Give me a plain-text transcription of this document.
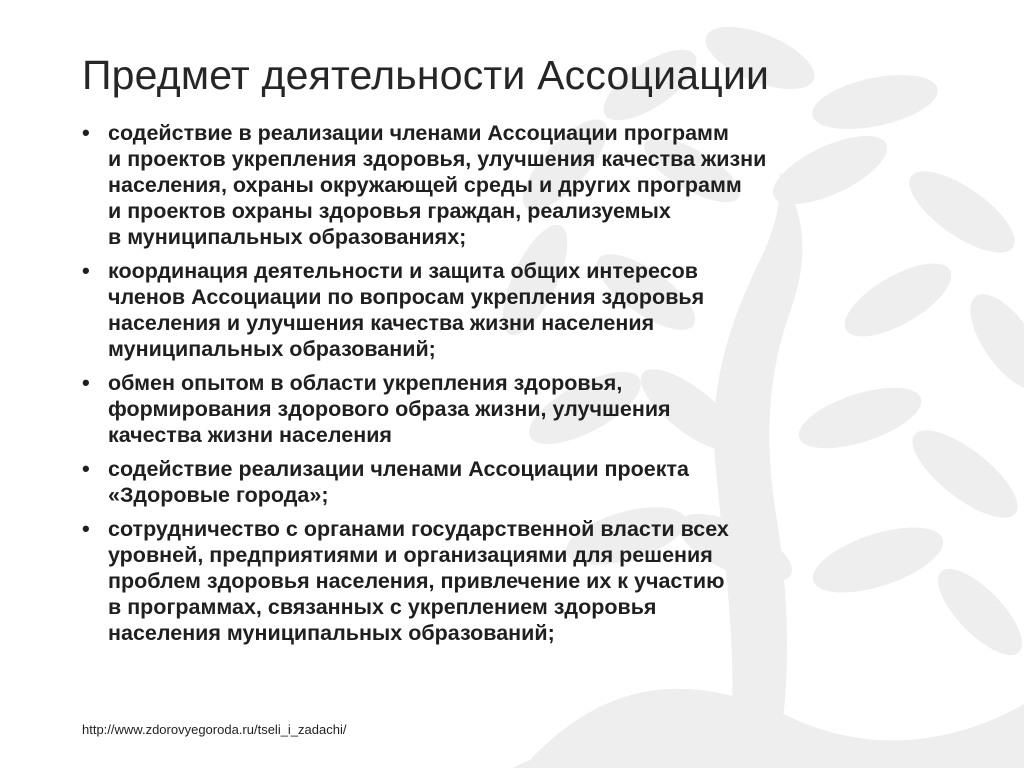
Предмет деятельности Ассоциации
• содействие в реализации членами Ассоциации программ
и проектов укрепления здоровья, улучшения качества жизни
населения, охраны окружающей среды и других программ
и проектов охраны здоровья граждан, реализуемых
в муниципальных образованиях;

• координация деятельности и защита общих интересов
членов Ассоциации по вопросам укрепления здоровья
населения и улучшения качества жизни населения
муниципальных образований;

• обмен опытом в области укрепления здоровья,
формирования здорового образа жизни, улучшения
качества жизни населения

• содействие реализации членами Ассоциации проекта
«Здоровые города»;

• сотрудничество с органами государственной власти всех
уровней, предприятиями и организациями для решения
проблем здоровья населения, привлечение их к участию
в программах, связанных с укреплением здоровья
населения муниципальных образований;

http://www.zdorovyegoroda.ru/tseli_i_zadachi/
